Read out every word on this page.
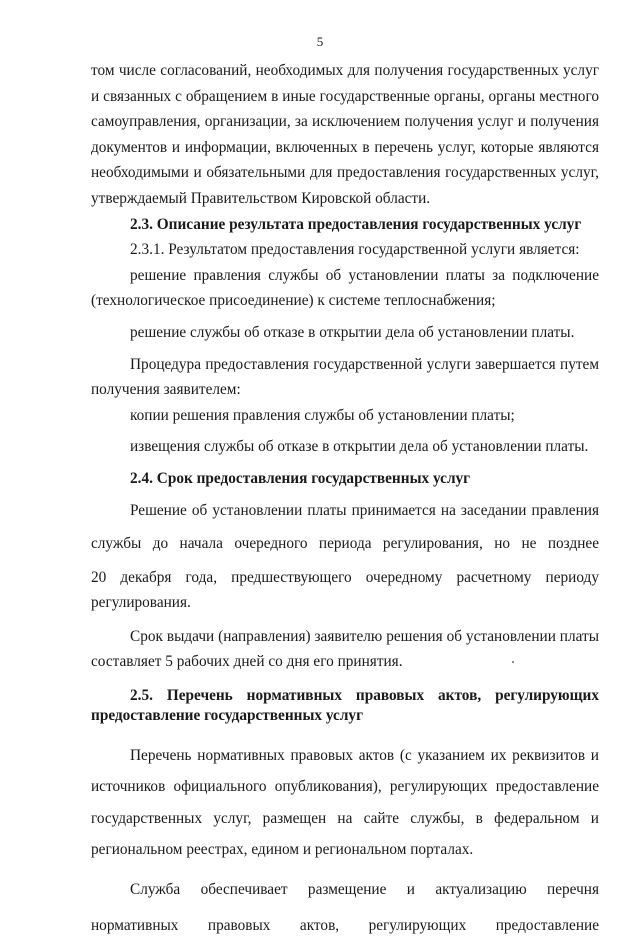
5

том числе согласований, необходимых для получения государственных услуг

и связанных с обращением в иные государственные органы, органы местного

самоуправления, организации, за исключением получения услуг и получения

документов и информации, включенных в перечень услуг, которые являются

необходимыми и обязательными для предоставления государственных услуг,

утверждаемый Правительством Кировской области.

2.3. Описание результата предоставления государственных услуг

2.3.1. Результатом предоставления государственной услуги является:

решение правления службы об установлении платы за подключение

(технологическое присоединение) к системе теплоснабжения;

решение службы об отказе в открытии дела об установлении платы.

Процедура предоставления государственной услуги завершается путем

получения заявителем:

копии решения правления службы об установлении платы;

извещения службы об отказе в открытии дела об установлении платы.

2.4. Срок предоставления государственных услуг

Решение об установлении платы принимается на заседании правления

службы до начала очередного периода регулирования, но не позднее

20 декабря года, предшествующего очередному расчетному периоду

регулирования.

Срок выдачи (направления) заявителю решения об установлении платы

составляет 5 рабочих дней со дня его принятия.

2.5. Перечень нормативных правовых актов, регулирующих

предоставление государственных услуг

Перечень нормативных правовых актов (с указанием их реквизитов и

источников официального опубликования), регулирующих предоставление

государственных услуг, размещен на сайте службы, в федеральном и

региональном реестрах, едином и региональном порталах.

Служба обеспечивает размещение и актуализацию перечня

нормативных правовых актов, регулирующих предоставление
